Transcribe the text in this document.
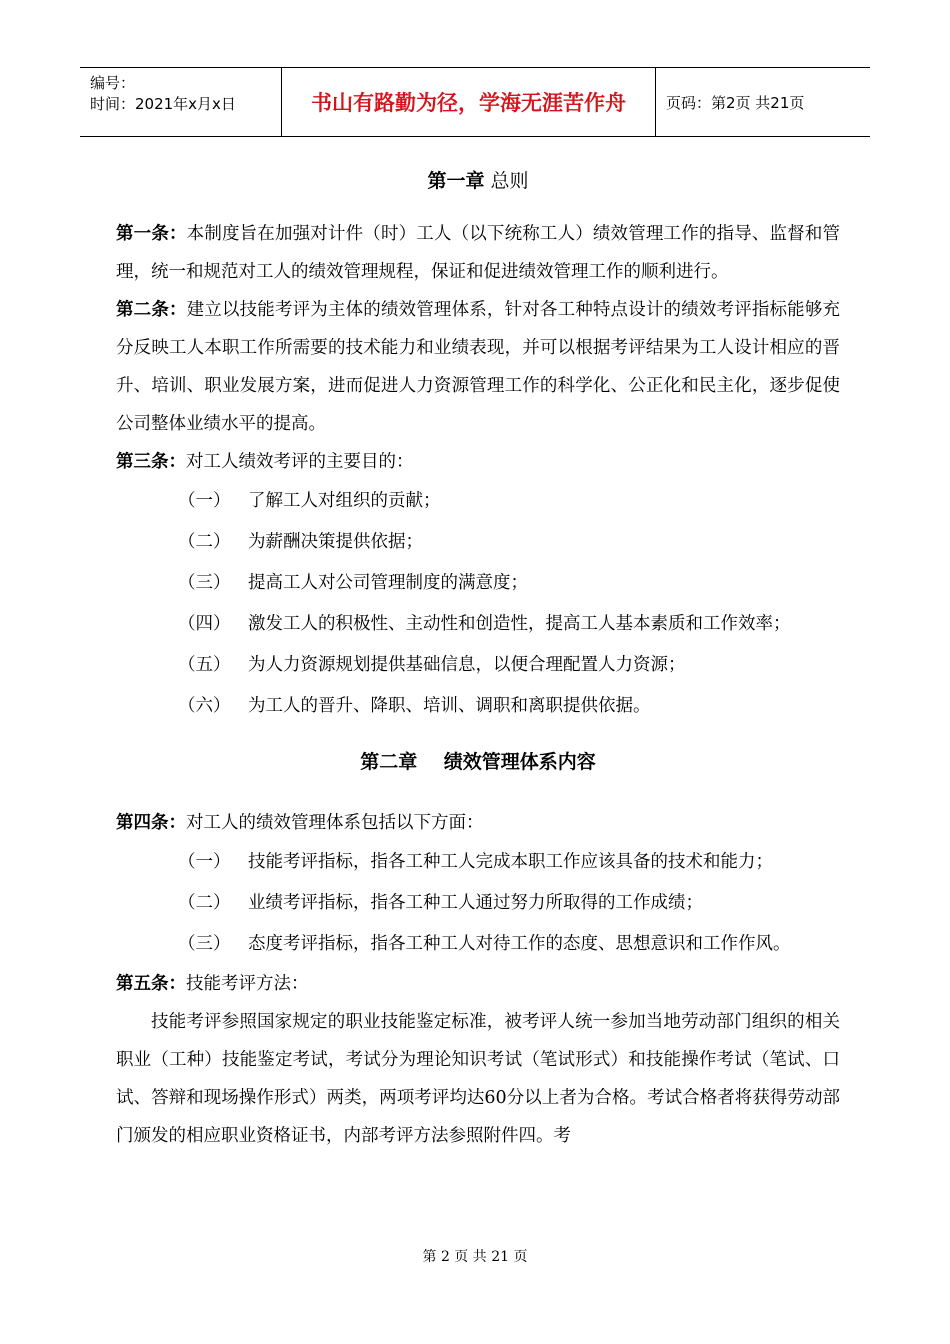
编号：
时间：2021年x月x日	书山有路勤为径，学海无涯苦作舟	页码：第2页 共21页

第一章 总则

第一条：本制度旨在加强对计件（时）工人（以下统称工人）绩效管理工作的指导、监督和管理，统一和规范对工人的绩效管理规程，保证和促进绩效管理工作的顺利进行。

第二条：建立以技能考评为主体的绩效管理体系，针对各工种特点设计的绩效考评指标能够充分反映工人本职工作所需要的技术能力和业绩表现，并可以根据考评结果为工人设计相应的晋升、培训、职业发展方案，进而促进人力资源管理工作的科学化、公正化和民主化，逐步促使公司整体业绩水平的提高。

第三条：对工人绩效考评的主要目的：

（一）	了解工人对组织的贡献；

（二）	为薪酬决策提供依据；

（三）	提高工人对公司管理制度的满意度；

（四）	激发工人的积极性、主动性和创造性，提高工人基本素质和工作效率；

（五）	为人力资源规划提供基础信息，以便合理配置人力资源；

（六）	为工人的晋升、降职、培训、调职和离职提供依据。

第二章    绩效管理体系内容

第四条：对工人的绩效管理体系包括以下方面：

（一）	技能考评指标，指各工种工人完成本职工作应该具备的技术和能力；

（二）	业绩考评指标，指各工种工人通过努力所取得的工作成绩；

（三）	态度考评指标，指各工种工人对待工作的态度、思想意识和工作作风。

第五条：技能考评方法：

技能考评参照国家规定的职业技能鉴定标准，被考评人统一参加当地劳动部门组织的相关职业（工种）技能鉴定考试，考试分为理论知识考试（笔试形式）和技能操作考试（笔试、口试、答辩和现场操作形式）两类，两项考评均达60分以上者为合格。考试合格者将获得劳动部门颁发的相应职业资格证书，内部考评方法参照附件四。考

第 2 页 共 21 页
